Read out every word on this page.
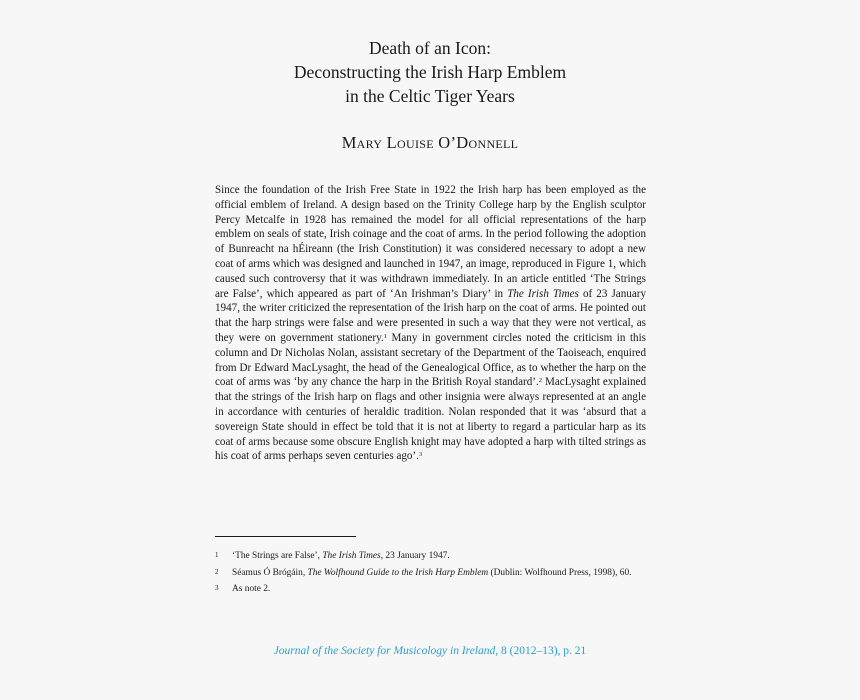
Death of an Icon:
Deconstructing the Irish Harp Emblem
in the Celtic Tiger Years
Mary Louise O’Donnell

Since the foundation of the Irish Free State in 1922 the Irish harp has been employed as the official emblem of Ireland. A design based on the Trinity College harp by the English sculptor Percy Metcalfe in 1928 has remained the model for all official representations of the harp emblem on seals of state, Irish coinage and the coat of arms. In the period following the adoption of Bunreacht na hÉireann (the Irish Constitution) it was considered necessary to adopt a new coat of arms which was designed and launched in 1947, an image, reproduced in Figure 1, which caused such controversy that it was withdrawn immediately. In an article entitled ‘The Strings are False’, which appeared as part of ‘An Irishman’s Diary’ in The Irish Times of 23 January 1947, the writer criticized the representation of the Irish harp on the coat of arms. He pointed out that the harp strings were false and were presented in such a way that they were not vertical, as they were on government stationery.$^1$ Many in government circles noted the criticism in this column and Dr Nicholas Nolan, assistant secretary of the Department of the Taoiseach, enquired from Dr Edward MacLysaght, the head of the Genealogical Office, as to whether the harp on the coat of arms was ‘by any chance the harp in the British Royal standard’.$^2$ MacLysaght explained that the strings of the Irish harp on flags and other insignia were always represented at an angle in accordance with centuries of heraldic tradition. Nolan responded that it was ‘absurd that a sovereign State should in effect be told that it is not at liberty to regard a particular harp as its coat of arms because some obscure English knight may have adopted a harp with tilted strings as his coat of arms perhaps seven centuries ago’.$^3$

1	‘The Strings are False’, The Irish Times, 23 January 1947.
2	Séamus Ó Brógáin, The Wolfhound Guide to the Irish Harp Emblem (Dublin: Wolfhound Press, 1998), 60.
3	As note 2.
Journal of the Society for Musicology in Ireland, 8 (2012–13), p. 21
